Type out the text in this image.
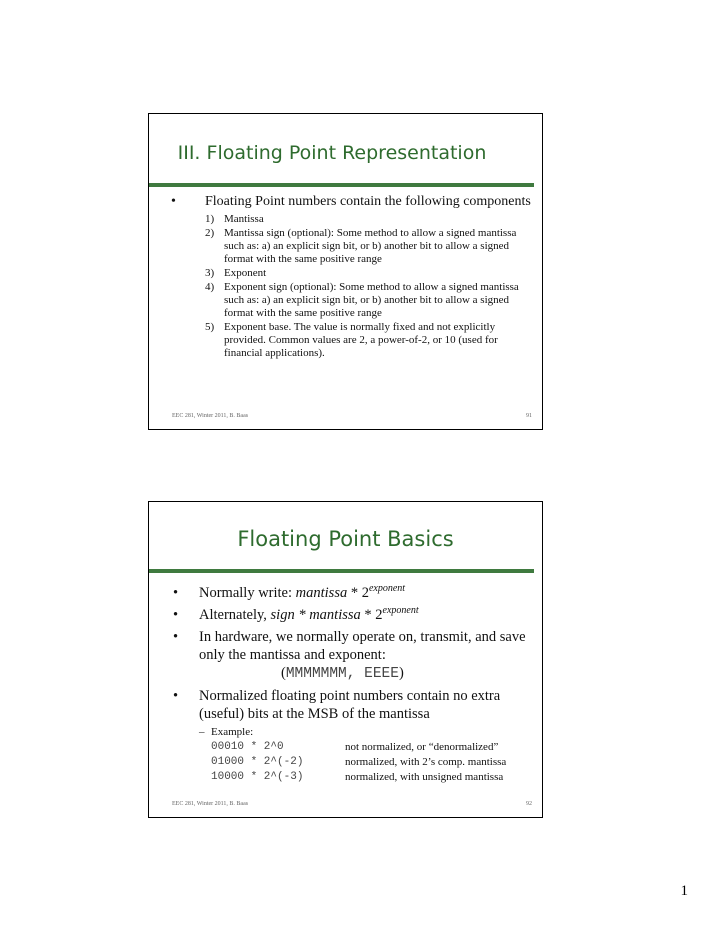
III. Floating Point Representation
•	Floating Point numbers contain the following components
1) Mantissa
2) Mantissa sign (optional): Some method to allow a signed mantissa such as: a) an explicit sign bit, or b) another bit to allow a signed format with the same positive range
3) Exponent
4) Exponent sign (optional): Some method to allow a signed mantissa such as: a) an explicit sign bit, or b) another bit to allow a signed format with the same positive range
5) Exponent base. The value is normally fixed and not explicitly provided. Common values are 2, a power-of-2, or 10 (used for financial applications).
EEC 281, Winter 2011, B. Baas	91
Floating Point Basics
•	Normally write: mantissa * $2^{exponent}$
•	Alternately, sign * mantissa * $2^{exponent}$
•	In hardware, we normally operate on, transmit, and save only the mantissa and exponent:
(MMMMMMM, EEEE)
•	Normalized floating point numbers contain no extra (useful) bits at the MSB of the mantissa
– Example:
00010 * 2^0	not normalized, or “denormalized”
01000 * 2^(-2)	normalized, with 2’s comp. mantissa
10000 * 2^(-3)	normalized, with unsigned mantissa
EEC 281, Winter 2011, B. Baas	92
1
